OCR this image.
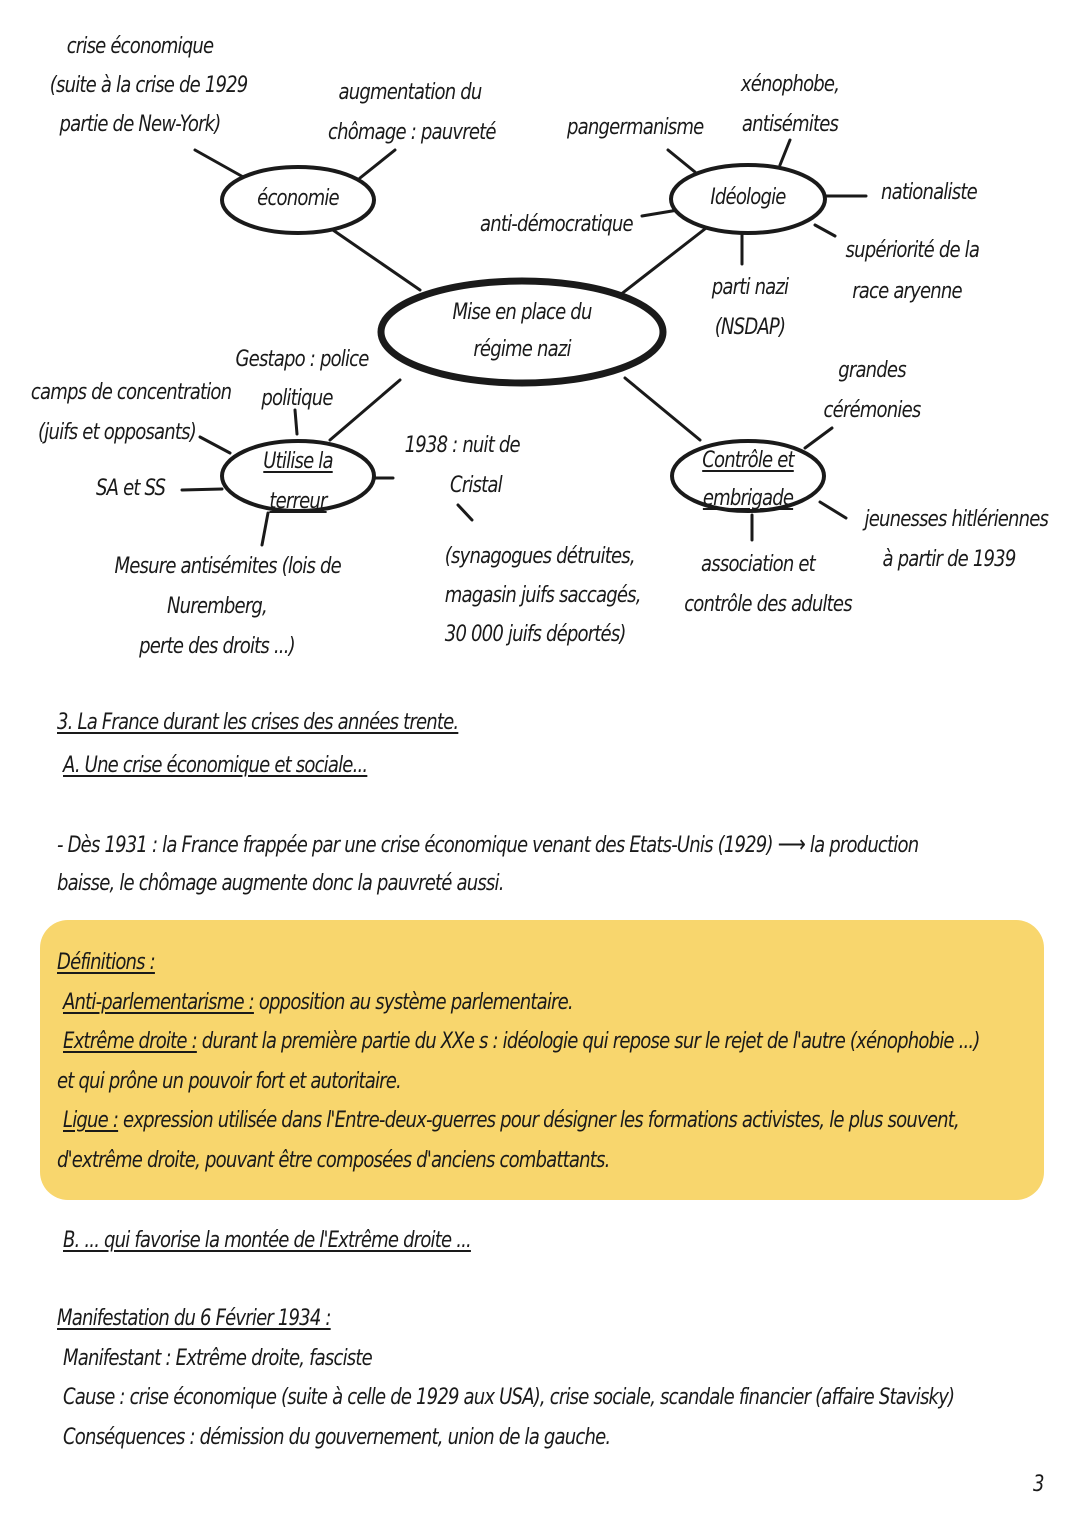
Mise en place du
régime nazi
économie
crise économique
(suite à la crise de 1929
partie de New-York)
augmentation du
chômage : pauvreté
Idéologie
pangermanisme
xénophobe,
antisémites
nationaliste
supériorité de la
race aryenne
parti nazi
(NSDAP)
anti-démocratique
Utilise la
terreur
Gestapo : police
politique
camps de concentration
(juifs et opposants)
SA et SS
Mesure antisémites (lois de
Nuremberg,
perte des droits ...)
1938 : nuit de
Cristal
(synagogues détruites,
magasin juifs saccagés,
30 000 juifs déportés)
Contrôle et
embrigade
grandes
cérémonies
jeunesses hitlériennes
à partir de 1939
association et
contrôle des adultes
3. La France durant les crises des années trente.
A. Une crise économique et sociale...
- Dès 1931 : la France frappée par une crise économique venant des Etats-Unis (1929) ⟶ la production
baisse, le chômage augmente donc la pauvreté aussi.
Définitions :
Anti-parlementarisme : opposition au système parlementaire.
Extrême droite : durant la première partie du XXe s : idéologie qui repose sur le rejet de l'autre (xénophobie ...)
et qui prône un pouvoir fort et autoritaire.
Ligue : expression utilisée dans l'Entre-deux-guerres pour désigner les formations activistes, le plus souvent,
d'extrême droite, pouvant être composées d'anciens combattants.
B. ... qui favorise la montée de l'Extrême droite ...
Manifestation du 6 Février 1934 :
Manifestant : Extrême droite, fasciste
Cause : crise économique (suite à celle de 1929 aux USA), crise sociale, scandale financier (affaire Stavisky)
Conséquences : démission du gouvernement, union de la gauche.
3
